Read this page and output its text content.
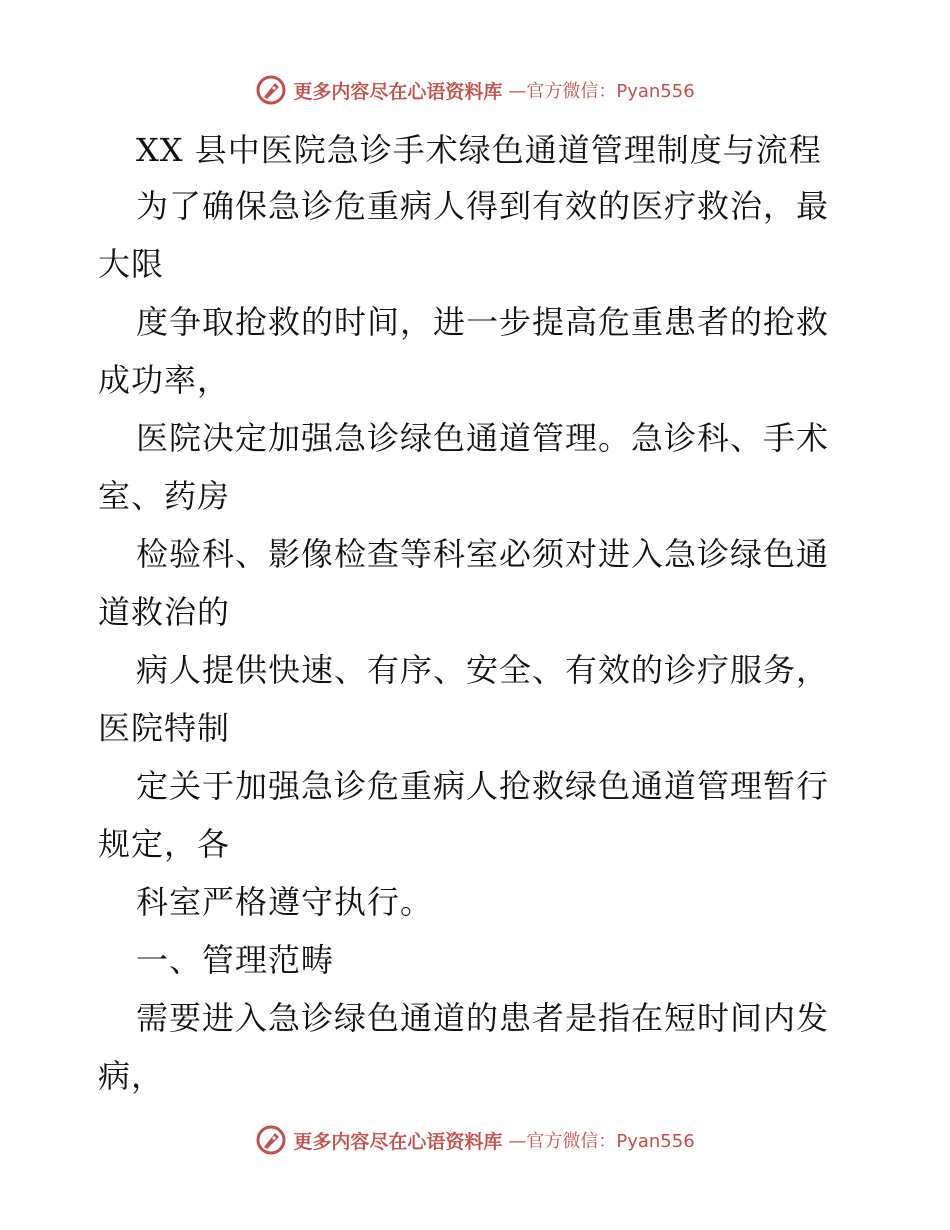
更多内容尽在心语资料库 —官方微信：Pyan556
XX 县中医院急诊手术绿色通道管理制度与流程
为了确保急诊危重病人得到有效的医疗救治，最
大限
度争取抢救的时间，进一步提高危重患者的抢救
成功率，
医院决定加强急诊绿色通道管理。急诊科、手术
室、药房
检验科、影像检查等科室必须对进入急诊绿色通
道救治的
病人提供快速、有序、安全、有效的诊疗服务，
医院特制
定关于加强急诊危重病人抢救绿色通道管理暂行
规定，各
科室严格遵守执行。
一、管理范畴
需要进入急诊绿色通道的患者是指在短时间内发
病，
更多内容尽在心语资料库 —官方微信：Pyan556
